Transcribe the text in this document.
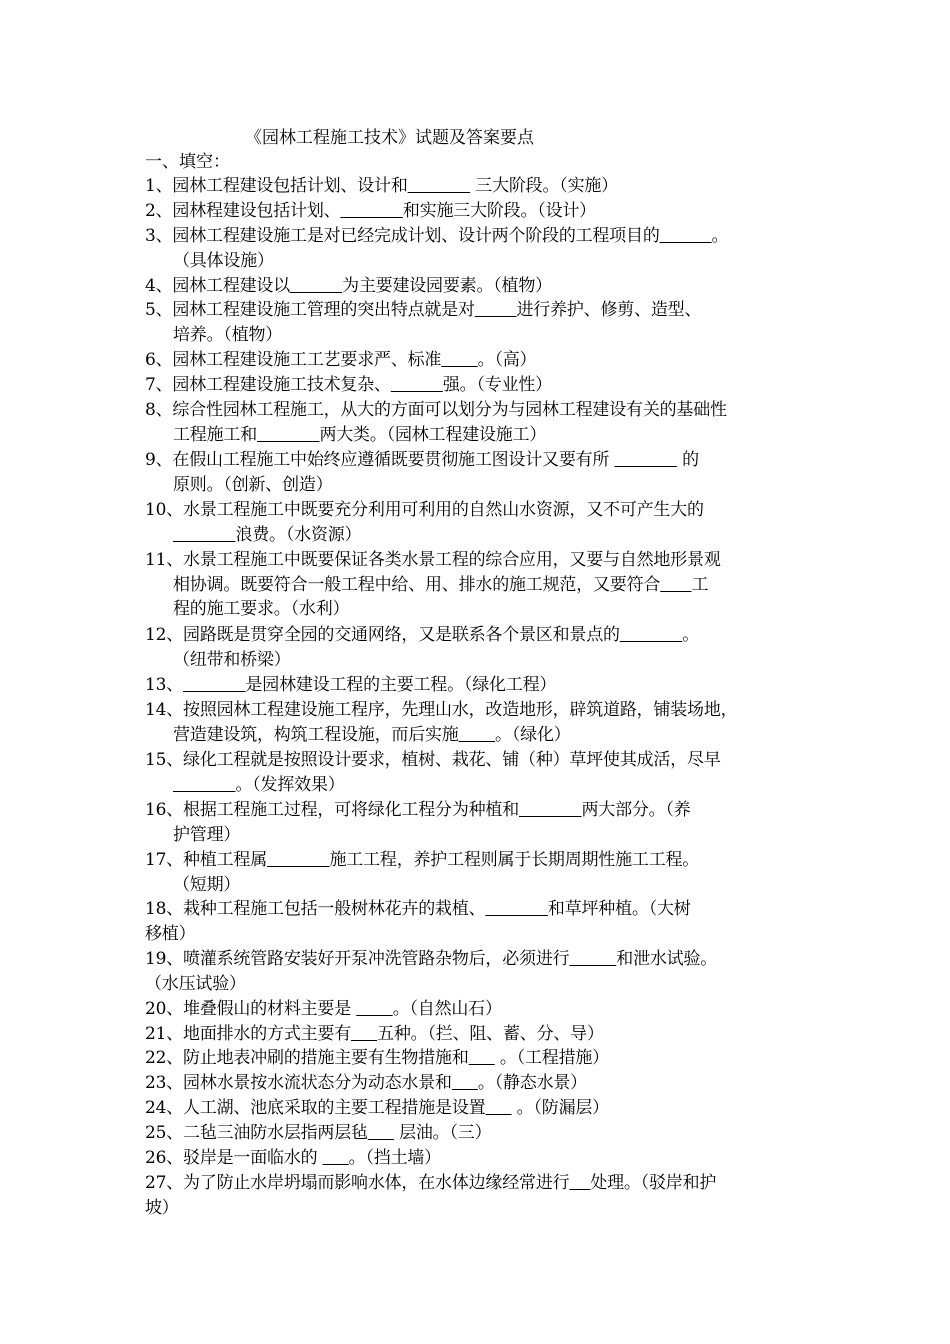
《园林工程施工技术》试题及答案要点
一、填空：

1、园林工程建设包括计划、设计和	三大阶段。（实施）

2、园林程建设包括计划、	和实施三大阶段。（设计）

3、园林工程建设施工是对已经完成计划、设计两个阶段的工程项目的	。

（具体设施）

4、园林工程建设以	为主要建设园要素。（植物）

5、园林工程建设施工管理的突出特点就是对 进行养护、修剪、造型、

培养。（植物）

6、园林工程建设施工工艺要求严、标准 。（高）

7、园林工程建设施工技术复杂、	强。（专业性）

8、综合性园林工程施工，从大的方面可以划分为与园林工程建设有关的基础性

工程施工和	两大类。（园林工程建设施工）

9、在假山工程施工中始终应遵循既要贯彻施工图设计又要有所	的

原则。（创新、创造）

10、水景工程施工中既要充分利用可利用的自然山水资源，又不可产生大的

浪费。（水资源）

11、水景工程施工中既要保证各类水景工程的综合应用，又要与自然地形景观

相协调。既要符合一般工程中给、用、排水的施工规范，又要符合 工

程的施工要求。（水利）

12、园路既是贯穿全园的交通网络，又是联系各个景区和景点的	。

（纽带和桥梁）

13、	是园林建设工程的主要工程。（绿化工程）

14、按照园林工程建设施工程序，先理山水，改造地形，辟筑道路，铺装场地，

营造建设筑，构筑工程设施，而后实施 。（绿化）

15、绿化工程就是按照设计要求，植树、栽花、铺（种）草坪使其成活，尽早

。（发挥效果）

16、根据工程施工过程，可将绿化工程分为种植和	两大部分。（养

护管理）

17、种植工程属	施工工程，养护工程则属于长期周期性施工工程。

（短期）

18、栽种工程施工包括一般树林花卉的栽植、	和草坪种植。（大树

移植）

19、喷灌系统管路安装好开泵冲洗管路杂物后，必须进行	和泄水试验。

（水压试验）

20、堆叠假山的材料主要是        。（自然山石）

21、地面排水的方式主要有 五种。（拦、阻、蓄、分、导）

22、防止地表冲刷的措施主要有生物措施和      。（工程措施）

23、园林水景按水流状态分为动态水景和 。（静态水景）

24、人工湖、池底采取的主要工程措施是设置      。（防漏层）

25、二毡三油防水层指两层毡      层油。（三）

26、驳岸是一面临水的      。（挡土墙）

27、为了防止水岸坍塌而影响水体，在水体边缘经常进行 处理。（驳岸和护

坡）
